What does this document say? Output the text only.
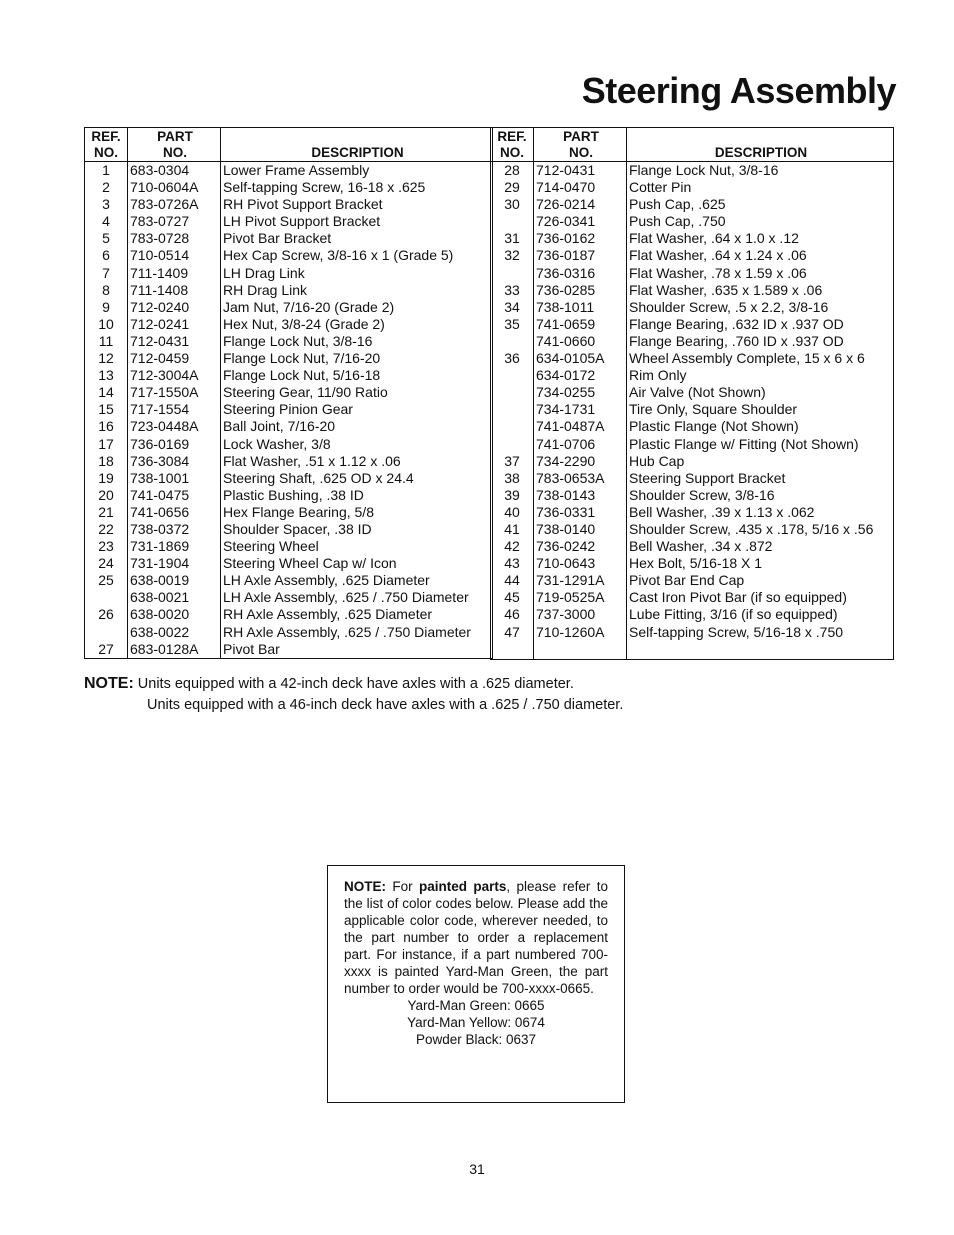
Steering Assembly
REF.
NO.	PART
NO.	DESCRIPTION
1	683-0304	Lower Frame Assembly
2	710-0604A	Self-tapping Screw, 16-18 x .625
3	783-0726A	RH Pivot Support Bracket
4	783-0727	LH Pivot Support Bracket
5	783-0728	Pivot Bar Bracket
6	710-0514	Hex Cap Screw, 3/8-16 x 1 (Grade 5)
7	711-1409	LH Drag Link
8	711-1408	RH Drag Link
9	712-0240	Jam Nut, 7/16-20 (Grade 2)
10	712-0241	Hex Nut, 3/8-24 (Grade 2)
11	712-0431	Flange Lock Nut, 3/8-16
12	712-0459	Flange Lock Nut, 7/16-20
13	712-3004A	Flange Lock Nut, 5/16-18
14	717-1550A	Steering Gear, 11/90 Ratio
15	717-1554	Steering Pinion Gear
16	723-0448A	Ball Joint, 7/16-20
17	736-0169	Lock Washer, 3/8
18	736-3084	Flat Washer, .51 x 1.12 x .06
19	738-1001	Steering Shaft, .625 OD x 24.4
20	741-0475	Plastic Bushing, .38 ID
21	741-0656	Hex Flange Bearing, 5/8
22	738-0372	Shoulder Spacer, .38 ID
23	731-1869	Steering Wheel
24	731-1904	Steering Wheel Cap w/ Icon
25	638-0019	LH Axle Assembly, .625 Diameter
	638-0021	LH Axle Assembly, .625 / .750 Diameter
26	638-0020	RH Axle Assembly, .625 Diameter
	638-0022	RH Axle Assembly, .625 / .750 Diameter
27	683-0128A	Pivot Bar
REF.
NO.	PART
NO.	DESCRIPTION
28	712-0431	Flange Lock Nut, 3/8-16
29	714-0470	Cotter Pin
30	726-0214	Push Cap, .625
	726-0341	Push Cap, .750
31	736-0162	Flat Washer, .64 x 1.0 x .12
32	736-0187	Flat Washer, .64 x 1.24 x .06
	736-0316	Flat Washer, .78 x 1.59 x .06
33	736-0285	Flat Washer, .635 x 1.589 x .06
34	738-1011	Shoulder Screw, .5 x 2.2, 3/8-16
35	741-0659	Flange Bearing, .632 ID x .937 OD
	741-0660	Flange Bearing, .760 ID x .937 OD
36	634-0105A	Wheel Assembly Complete, 15 x 6 x 6
	634-0172	Rim Only
	734-0255	Air Valve (Not Shown)
	734-1731	Tire Only, Square Shoulder
	741-0487A	Plastic Flange (Not Shown)
	741-0706	Plastic Flange w/ Fitting (Not Shown)
37	734-2290	Hub Cap
38	783-0653A	Steering Support Bracket
39	738-0143	Shoulder Screw, 3/8-16
40	736-0331	Bell Washer, .39 x 1.13 x .062
41	738-0140	Shoulder Screw, .435 x .178, 5/16 x .56
42	736-0242	Bell Washer, .34 x .872
43	710-0643	Hex Bolt, 5/16-18 X 1
44	731-1291A	Pivot Bar End Cap
45	719-0525A	Cast Iron Pivot Bar (if so equipped)
46	737-3000	Lube Fitting, 3/16 (if so equipped)
47	710-1260A	Self-tapping Screw, 5/16-18 x .750

NOTE: Units equipped with a 42-inch deck have axles with a .625 diameter.
Units equipped with a 46-inch deck have axles with a .625 / .750 diameter.

NOTE: For painted parts, please refer to the list of color codes below. Please add the applicable color code, wherever needed, to the part number to order a replacement part. For instance, if a part numbered 700-xxxx is painted Yard-Man Green, the part number to order would be 700-xxxx-0665.

Yard-Man Green: 0665
Yard-Man Yellow: 0674
Powder Black: 0637
31
